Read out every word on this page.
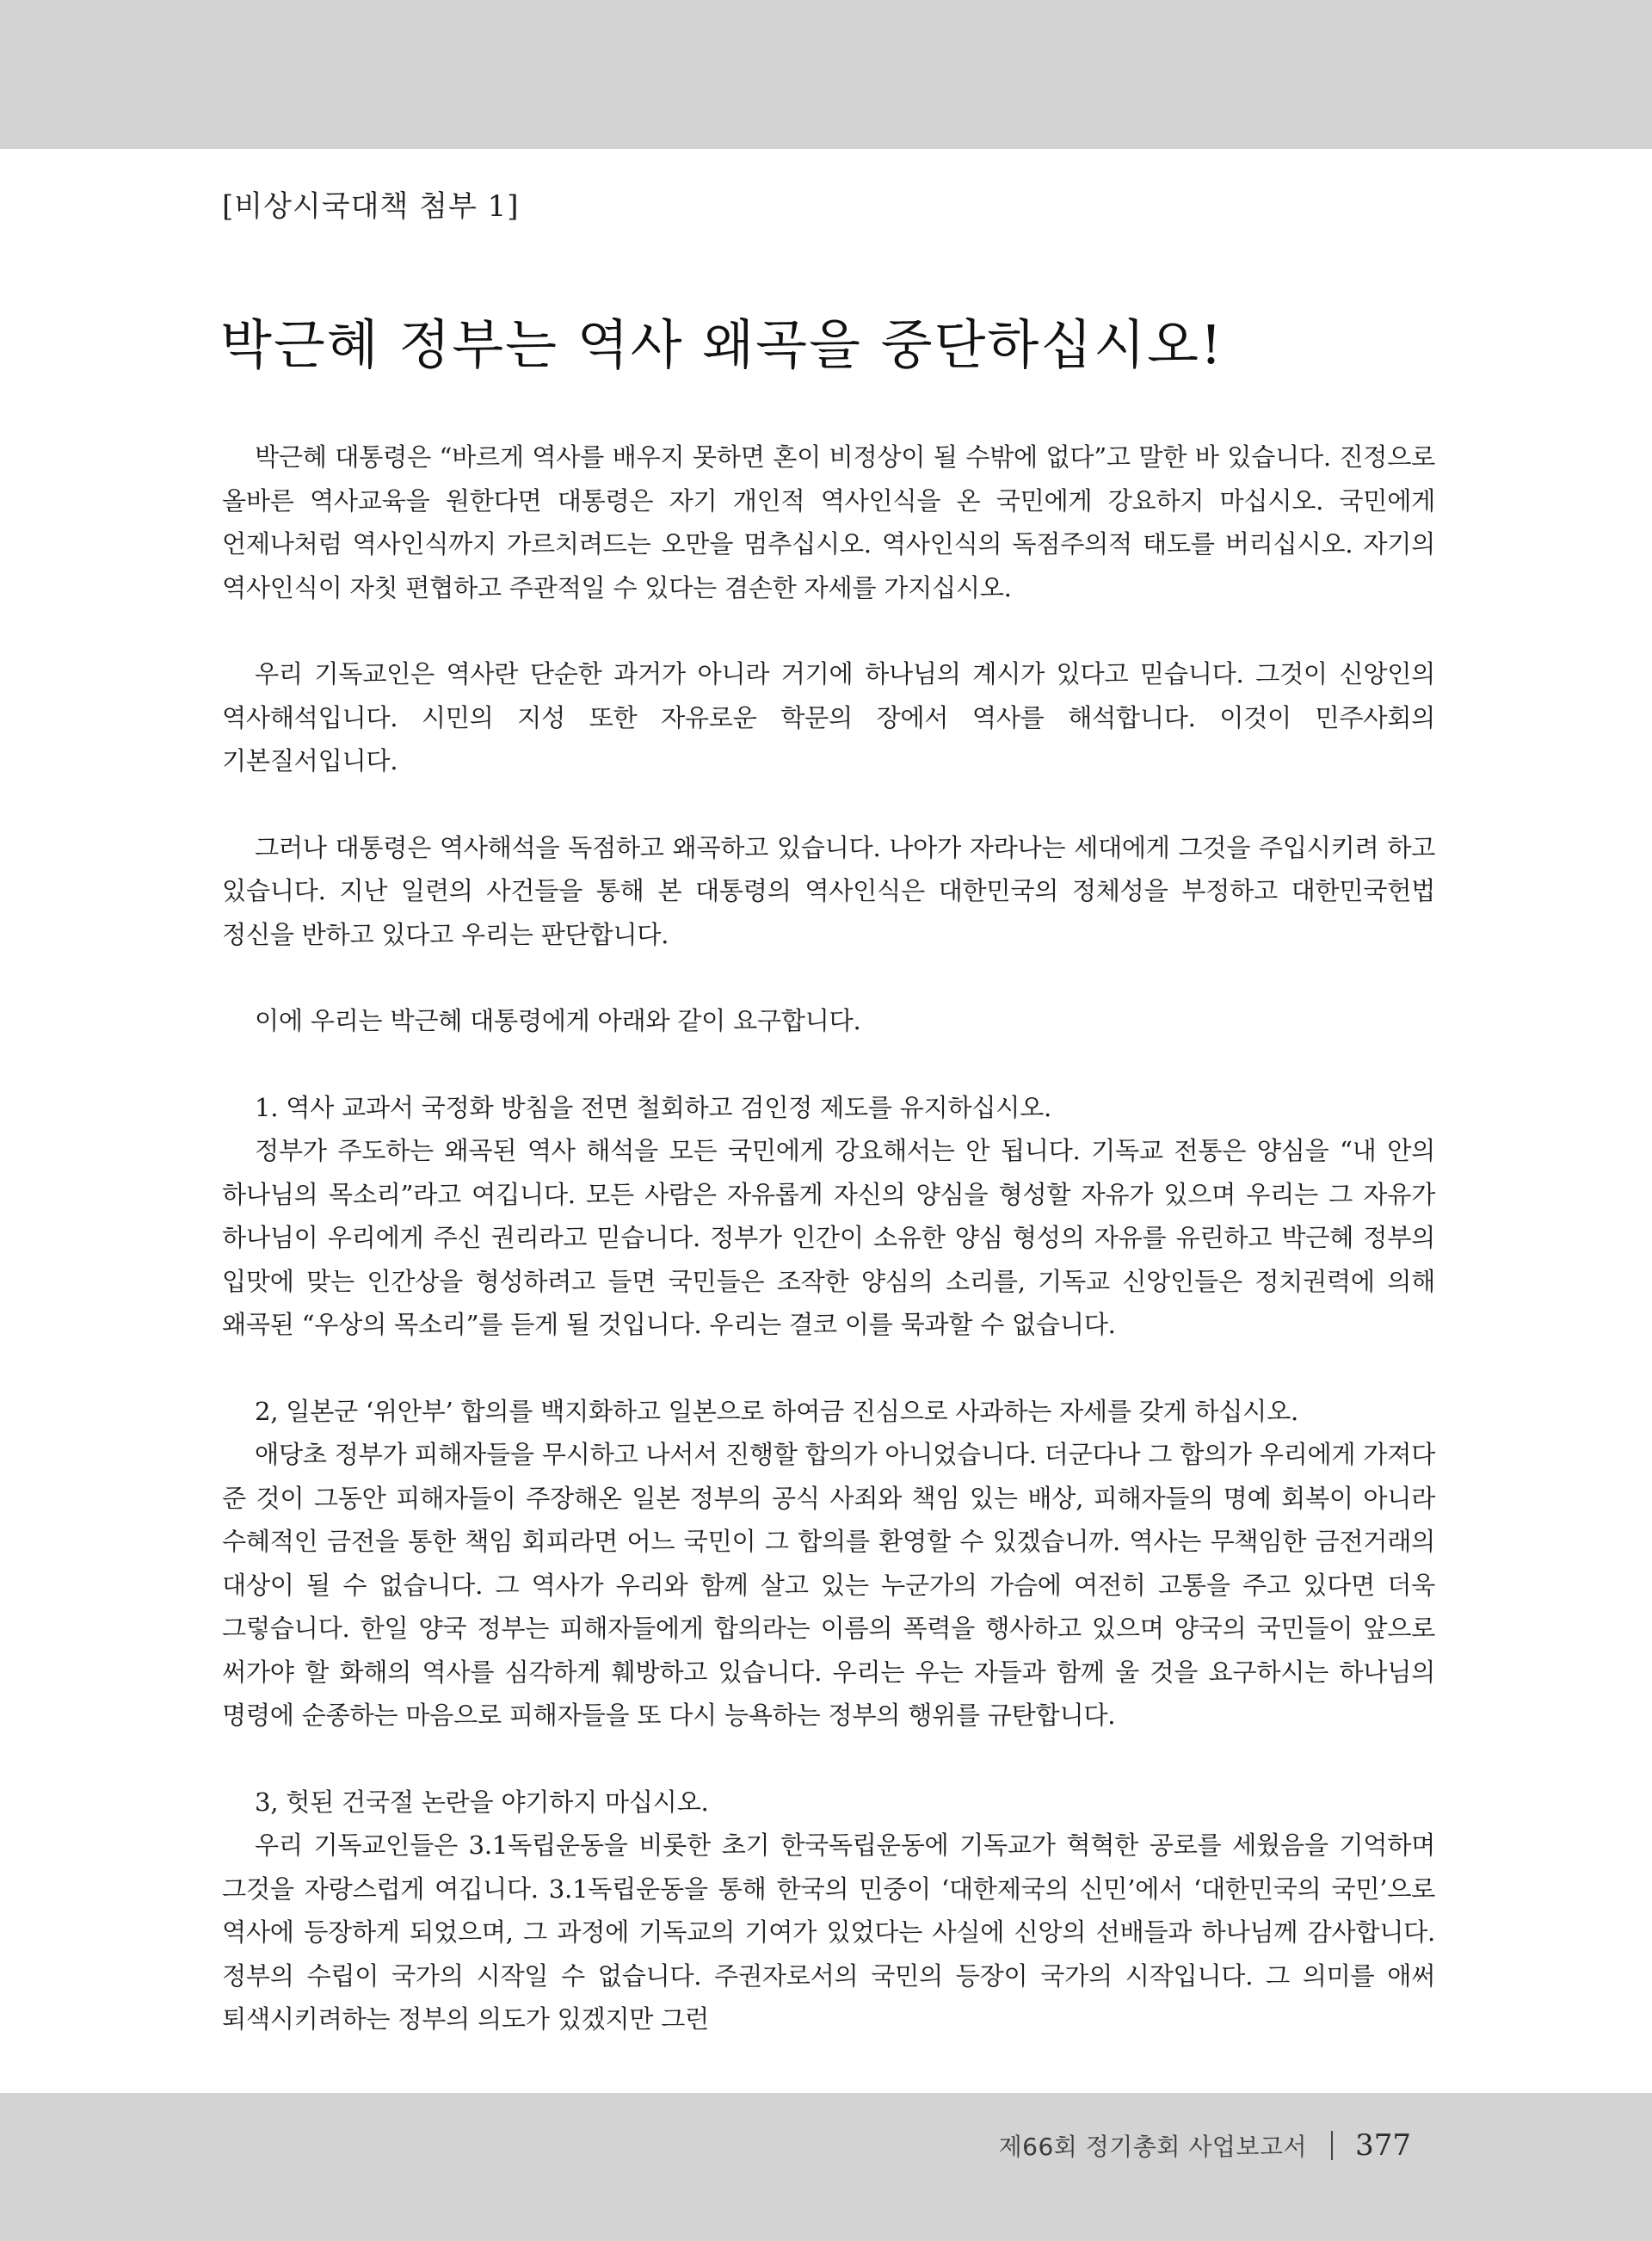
[비상시국대책 첨부 1]
박근혜 정부는 역사 왜곡을 중단하십시오!

박근혜 대통령은 “바르게 역사를 배우지 못하면 혼이 비정상이 될 수밖에 없다”고 말한 바 있습니다. 진정으로 올바른 역사교육을 원한다면 대통령은 자기 개인적 역사인식을 온 국민에게 강요하지 마십시오. 국민에게 언제나처럼 역사인식까지 가르치려드는 오만을 멈추십시오. 역사인식의 독점주의적 태도를 버리십시오. 자기의 역사인식이 자칫 편협하고 주관적일 수 있다는 겸손한 자세를 가지십시오.

우리 기독교인은 역사란 단순한 과거가 아니라 거기에 하나님의 계시가 있다고 믿습니다. 그것이 신앙인의 역사해석입니다. 시민의 지성 또한 자유로운 학문의 장에서 역사를 해석합니다. 이것이 민주사회의 기본질서입니다.

그러나 대통령은 역사해석을 독점하고 왜곡하고 있습니다. 나아가 자라나는 세대에게 그것을 주입시키려 하고 있습니다. 지난 일련의 사건들을 통해 본 대통령의 역사인식은 대한민국의 정체성을 부정하고 대한민국헌법 정신을 반하고 있다고 우리는 판단합니다.

이에 우리는 박근혜 대통령에게 아래와 같이 요구합니다.

1. 역사 교과서 국정화 방침을 전면 철회하고 검인정 제도를 유지하십시오.

정부가 주도하는 왜곡된 역사 해석을 모든 국민에게 강요해서는 안 됩니다. 기독교 전통은 양심을 “내 안의 하나님의 목소리”라고 여깁니다. 모든 사람은 자유롭게 자신의 양심을 형성할 자유가 있으며 우리는 그 자유가 하나님이 우리에게 주신 권리라고 믿습니다. 정부가 인간이 소유한 양심 형성의 자유를 유린하고 박근혜 정부의 입맛에 맞는 인간상을 형성하려고 들면 국민들은 조작한 양심의 소리를, 기독교 신앙인들은 정치권력에 의해 왜곡된 “우상의 목소리”를 듣게 될 것입니다. 우리는 결코 이를 묵과할 수 없습니다.

2, 일본군 ‘위안부’ 합의를 백지화하고 일본으로 하여금 진심으로 사과하는 자세를 갖게 하십시오.

애당초 정부가 피해자들을 무시하고 나서서 진행할 합의가 아니었습니다. 더군다나 그 합의가 우리에게 가져다 준 것이 그동안 피해자들이 주장해온 일본 정부의 공식 사죄와 책임 있는 배상, 피해자들의 명예 회복이 아니라 수혜적인 금전을 통한 책임 회피라면 어느 국민이 그 합의를 환영할 수 있겠습니까. 역사는 무책임한 금전거래의 대상이 될 수 없습니다. 그 역사가 우리와 함께 살고 있는 누군가의 가슴에 여전히 고통을 주고 있다면 더욱 그렇습니다. 한일 양국 정부는 피해자들에게 합의라는 이름의 폭력을 행사하고 있으며 양국의 국민들이 앞으로 써가야 할 화해의 역사를 심각하게 훼방하고 있습니다. 우리는 우는 자들과 함께 울 것을 요구하시는 하나님의 명령에 순종하는 마음으로 피해자들을 또 다시 능욕하는 정부의 행위를 규탄합니다.

3, 헛된 건국절 논란을 야기하지 마십시오.

우리 기독교인들은 3.1독립운동을 비롯한 초기 한국독립운동에 기독교가 혁혁한 공로를 세웠음을 기억하며 그것을 자랑스럽게 여깁니다. 3.1독립운동을 통해 한국의 민중이 ‘대한제국의 신민’에서 ‘대한민국의 국민’으로 역사에 등장하게 되었으며, 그 과정에 기독교의 기여가 있었다는 사실에 신앙의 선배들과 하나님께 감사합니다. 정부의 수립이 국가의 시작일 수 없습니다. 주권자로서의 국민의 등장이 국가의 시작입니다. 그 의미를 애써 퇴색시키려하는 정부의 의도가 있겠지만 그런

제66회 정기총회 사업보고서 377
